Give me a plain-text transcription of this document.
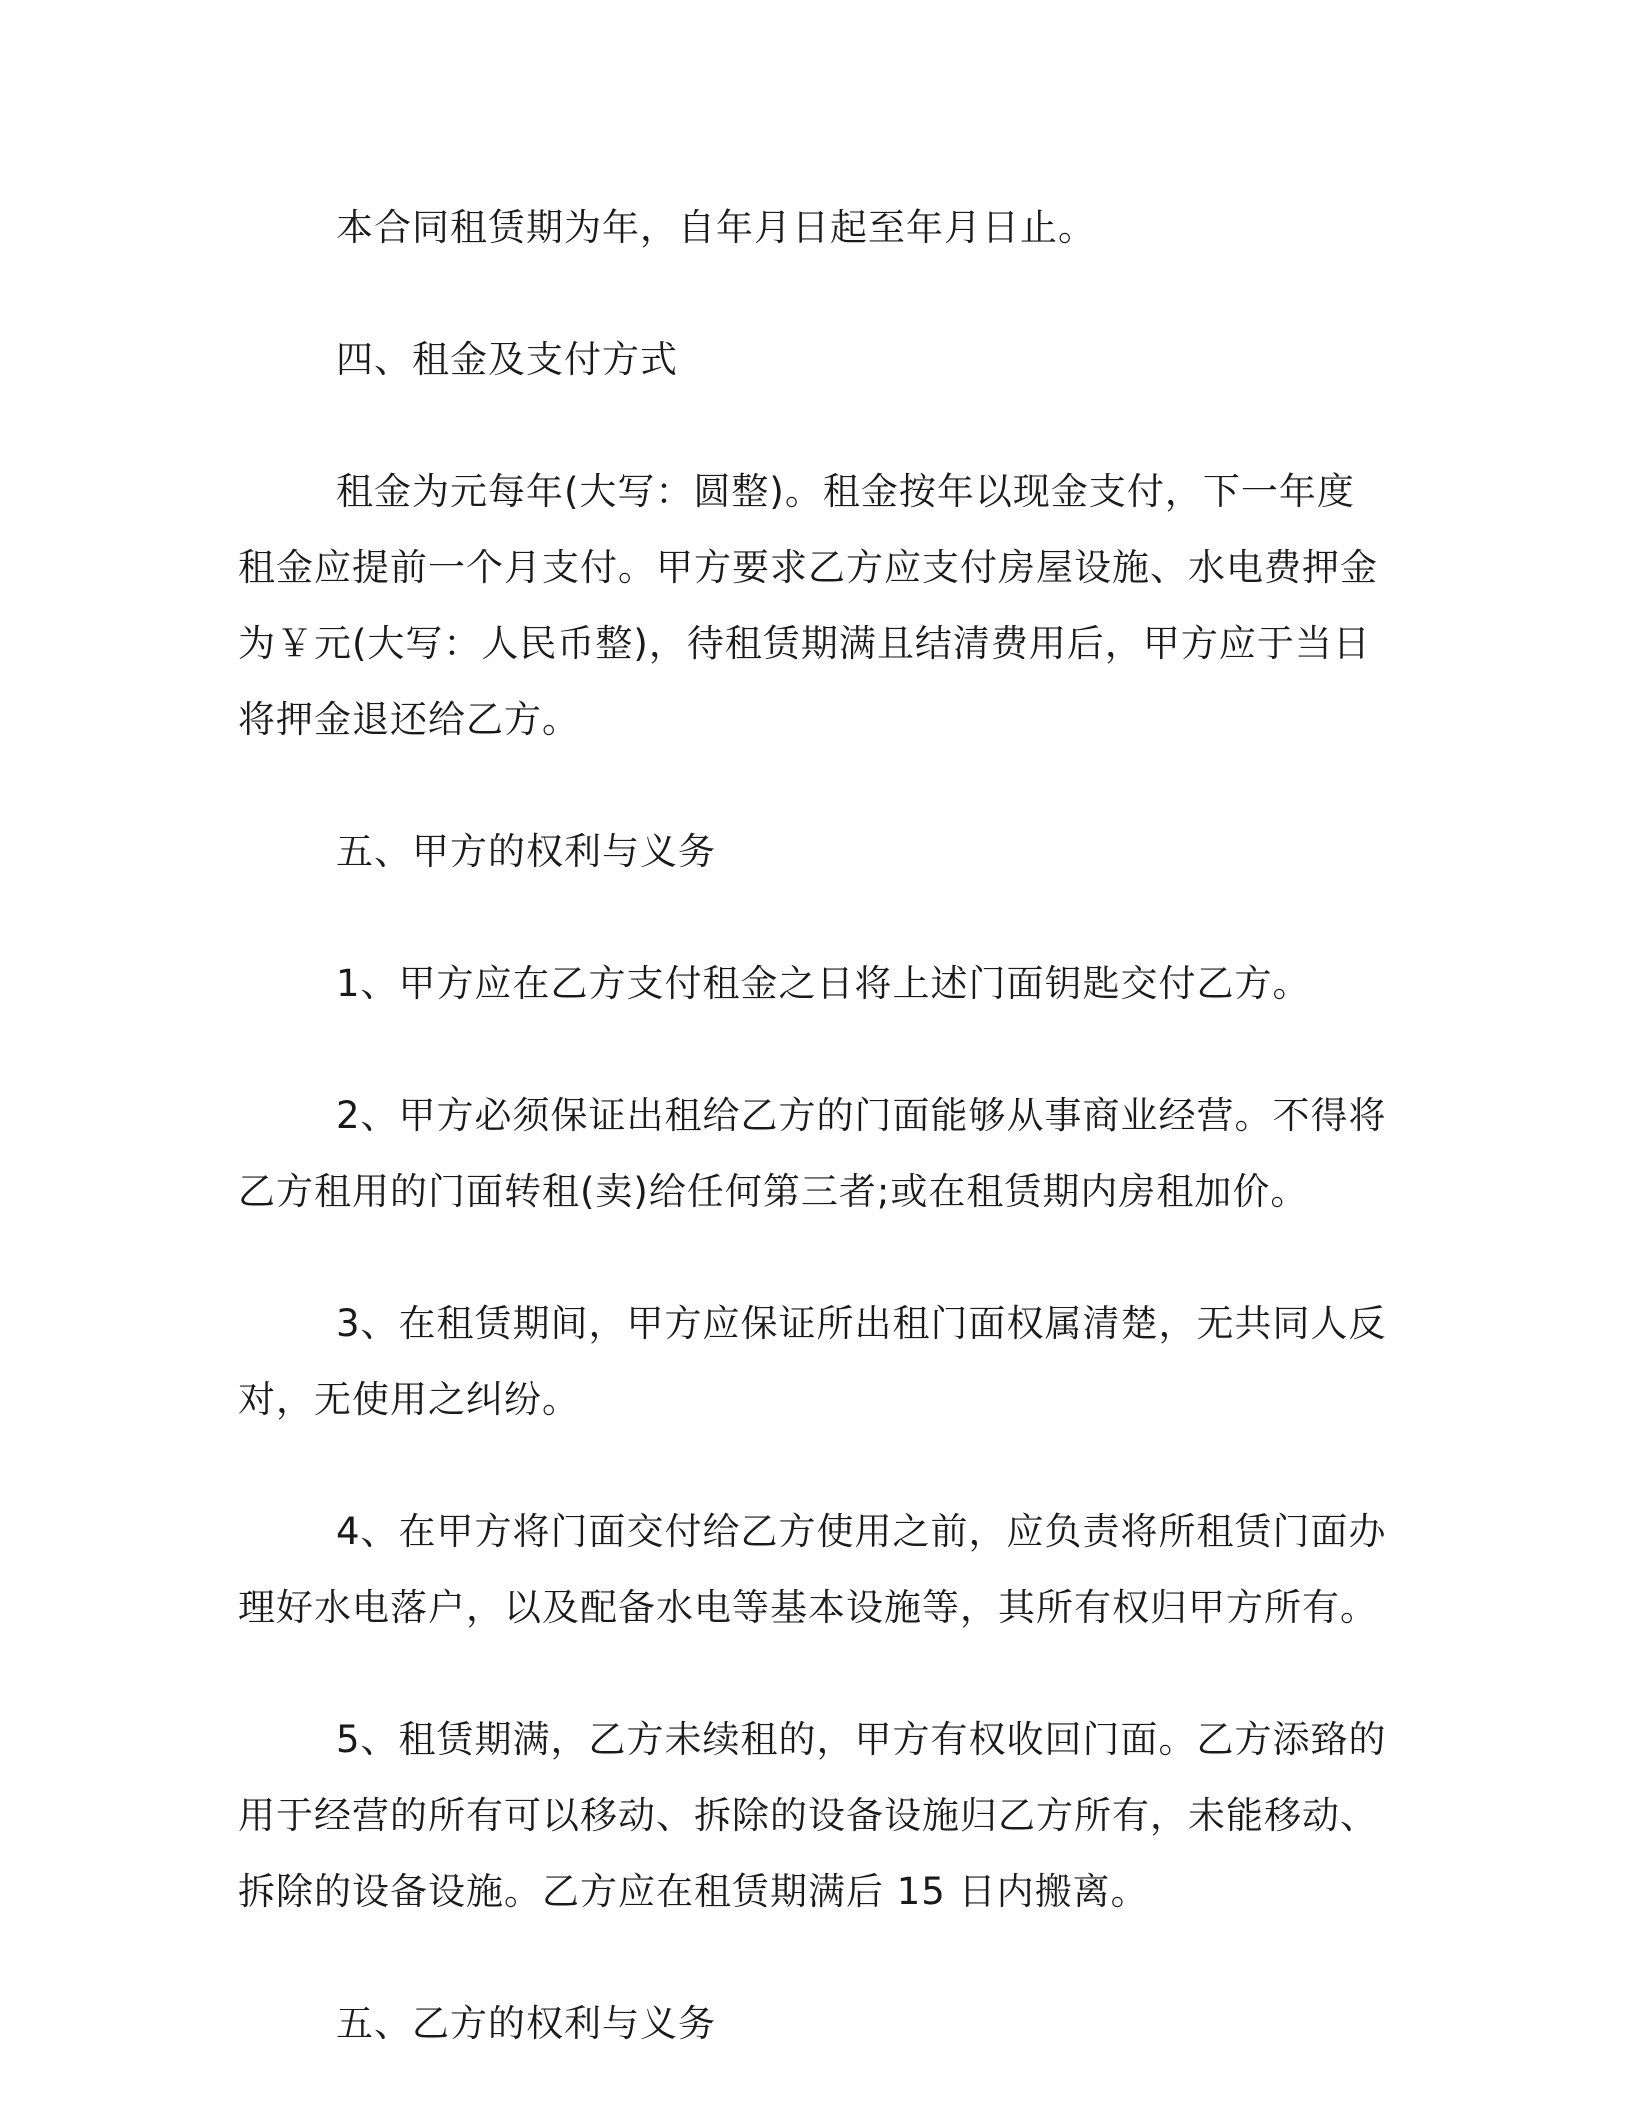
本合同租赁期为年，自年月日起至年月日止。

四、租金及支付方式

租金为元每年(大写：圆整)。租金按年以现金支付，下一年度租金应提前一个月支付。甲方要求乙方应支付房屋设施、水电费押金为￥元(大写：人民币整)，待租赁期满且结清费用后，甲方应于当日将押金退还给乙方。

五、甲方的权利与义务

1、甲方应在乙方支付租金之日将上述门面钥匙交付乙方。

2、甲方必须保证出租给乙方的门面能够从事商业经营。不得将乙方租用的门面转租(卖)给任何第三者;或在租赁期内房租加价。

3、在租赁期间，甲方应保证所出租门面权属清楚，无共同人反对，无使用之纠纷。

4、在甲方将门面交付给乙方使用之前，应负责将所租赁门面办理好水电落户，以及配备水电等基本设施等，其所有权归甲方所有。

5、租赁期满，乙方未续租的，甲方有权收回门面。乙方添臵的用于经营的所有可以移动、拆除的设备设施归乙方所有，未能移动、拆除的设备设施。乙方应在租赁期满后 15 日内搬离。

五、乙方的权利与义务
